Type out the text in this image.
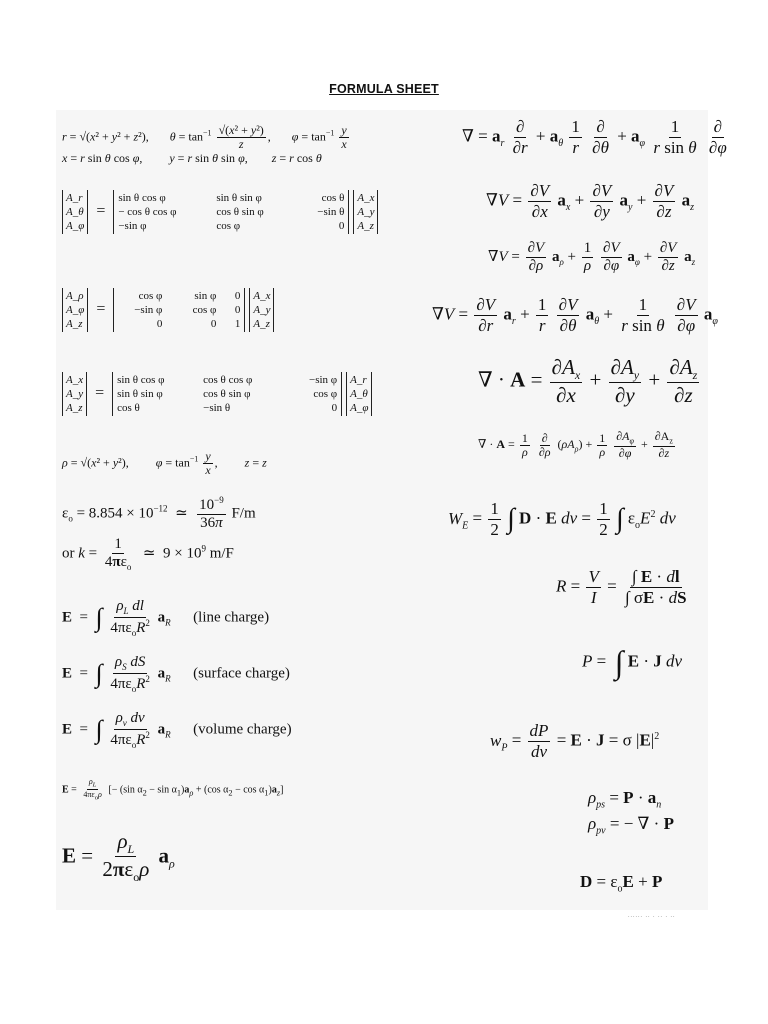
FORMULA SHEET
r = √(x² + y² + z²),       $\theta = \tan^{-1} \frac{\text{√(x² + y²)}}{z}$ ,       $\varphi = \tan^{-1} \frac{y}{x}$
x = r sin θ cos φ,         y = r sin θ sin φ,        z = r cos θ
A_r
A_θ
A_φ  =
sin θ cos φ	sin θ sin φ	cos θ
− cos θ cos φ	cos θ sin φ	−sin θ
−sin φ	cos φ	0
A_x
A_y
A_z
A_ρ
A_φ
A_z  =
cos φ	sin φ	0
−sin φ	cos φ	0
0	0	1
A_x
A_y
A_z
A_x
A_y
A_z  =
sin θ cos φ	cos θ cos φ	−sin φ
sin θ sin φ	cos θ sin φ	cos φ
cos θ	−sin θ	0
A_r
A_θ
A_φ
ρ = √(x² + y²),         $\varphi = \tan^{-1} \frac{y}{x}$ ,         z = z
$\varepsilon_o = 8.854 \times 10^{-12}$  ≃ $\frac{10^{-9}}{36\pi} F/m$
or $k = \frac{1}{4\pi\varepsilon_o}$ ≃  $9 \times 10^9$ m/F
E  =  ∫ $\frac{\rho_L dl}{4\pi\varepsilon_oR^2} a_R$ (line charge)
E  =  ∫ $\frac{\rho_S dS}{4\pi\varepsilon_oR^2} a_R$ (surface charge)
E  =  ∫ $\frac{\rho_v dv}{4\pi\varepsilon_oR^2} a_R$ (volume charge)
$E = \frac{\rho_L}{4\pi\varepsilon_o\rho}$ [− (sin $\alpha_2 - \sin \alpha_1)a_\rho + (\cos$ $\alpha_2 - \cos \alpha_1)a_z$]
$E = \frac{\rho_L}{2\pi\varepsilon_o\rho} a_\rho$
∇ = $a_r \frac{\partial}{\partial r} + a_\theta \frac{1}{r}$
$\frac{\partial}{\partial\theta} + a_\varphi \frac{1}{\text{r sin θ}}$
$\frac{\partial}{\partial\varphi}$
$\nabla V = \frac{\partial V}{\partial x} a_x + \frac{\partial V}{\partial y} a_y + \frac{\partial V}{\partial z} a_z$
$\nabla V = \frac{\partial V}{\partial\rho} a_\rho + \frac{1}{\rho}$
$\frac{\partial V}{\partial\varphi} a_\varphi + \frac{\partial V}{\partial z} a_z$
$\nabla V = \frac{\partial V}{\partial r} a_r + \frac{1}{r}$
$\frac{\partial V}{\partial\theta} a_\theta + \frac{1}{\text{r sin θ}}$
$\frac{\partial V}{\partial\varphi} a_\varphi$
∇ · $A = \frac{\partial A_x}{\partial x} + \frac{\partial A_y}{\partial y} + \frac{\partial A_z}{\partial z}$
∇ · $A = \frac{1}{\rho}$
$\frac{\partial}{\partial\rho} (\rho A_\rho) + \frac{1}{\rho}$
$\frac{\partial A_\varphi}{\partial\varphi} + \frac{\partial A_z}{\partial z}$
$W_E = \frac{1}{2}$ ∫ D · E dv = $\frac{1}{2}$ ∫ $\varepsilon_oE^2$ dv
$R = \frac{V}{I} = \frac{\int E \cdot dl}{\int \sigma E \cdot dS}$
P =  ∫ E · J dv
$w_P = \frac{dP}{dv} = E \cdot J = \sigma$ $|E|^2$
$\rho_{ps} = P \cdot a_n$
$\rho_{pv}$ = − ∇ · P
$D = \varepsilon_oE + P$
...... .. . .. . ..
